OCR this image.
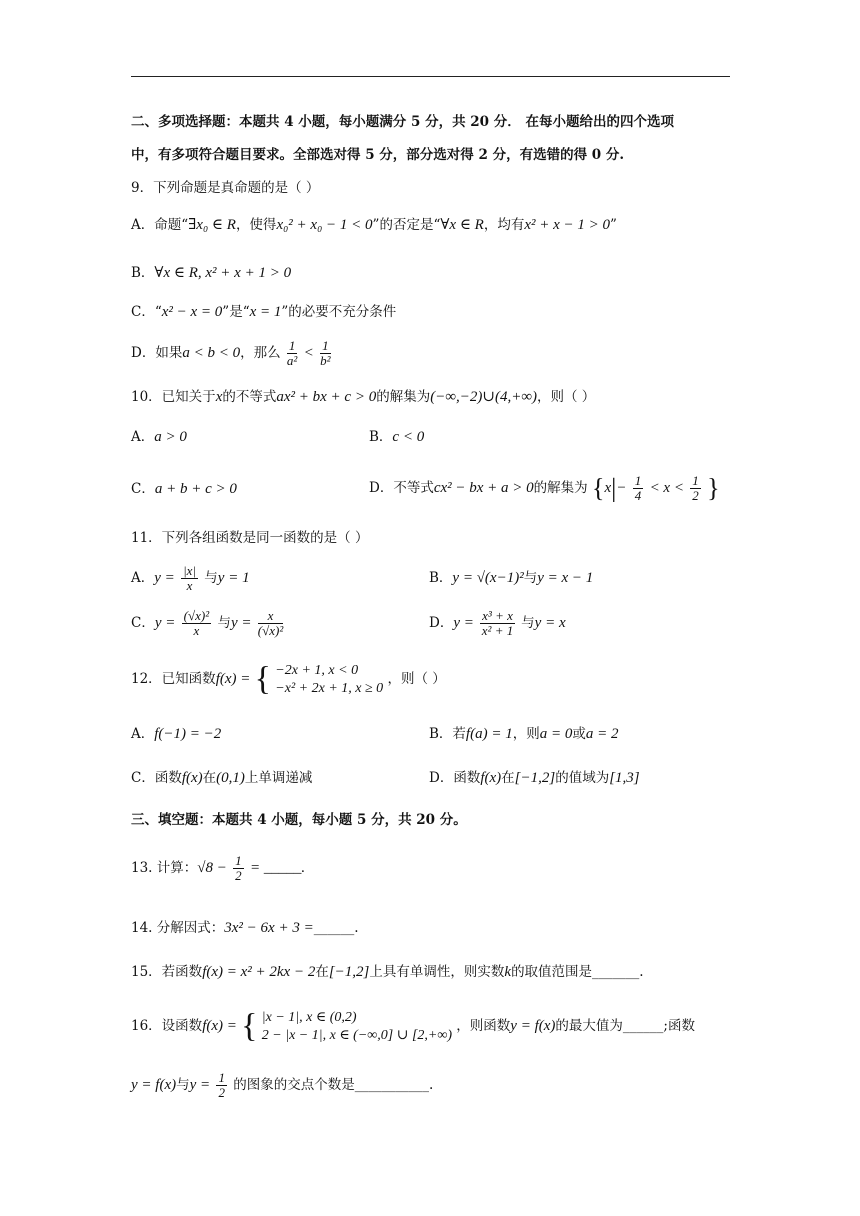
二、多项选择题：本题共 4 小题，每小题满分 5 分，共 20 分． 在每小题给出的四个选项
中，有多项符合题目要求。全部选对得 5 分，部分选对得 2 分，有选错的得 0 分.
9．下列命题是真命题的是（ ）
A．命题“∃x₀ ∈ R，使得x₀² + x₀ − 1 < 0”的否定是“∀x ∈ R，均有x² + x − 1 > 0”
B．∀x ∈ R, x² + x + 1 > 0
C．“x² − x = 0”是“x = 1”的必要不充分条件
D．如果a < b < 0，那么 $\frac{1}{\text{a²}} < \frac{1}{\text{b²}}$
10．已知关于x的不等式ax² + bx + c > 0的解集为(−∞,−2)∪(4,+∞)，则（ ）
A．a > 0	B．c < 0
C．a + b + c > 0	D．不等式cx² − bx + a > 0的解集为 {$x|- \frac{1}{4} < x < \frac{1}{2}$ }
11．下列各组函数是同一函数的是（ ）
A．$y = \frac{|x|}{x}$ 与y = 1	B．y = √(x−1)²与y = x − 1
C．$y = \frac{\text{(√x)²}}{x}$ 与$y = \frac{x}{\text{(√x)²}}$	D．$y = \frac{\text{x³ + x}}{\text{x² + 1}}$ 与y = x
12．已知函数f(x) = { −2x + 1, x < 0
−x² + 2x + 1, x ≥ 0
，则（ ）
A．f(−1) = −2	B．若f(a) = 1，则a = 0或a = 2
C．函数f(x)在(0,1)上单调递减	D．函数f(x)在[−1,2]的值域为[1,3]
三、填空题：本题共 4 小题，每小题 5 分，共 20 分。
13. 计算：$√8 - \frac{1}{2}$ = _____.
14. 分解因式：3x² − 6x + 3 =______.
15．若函数f(x) = x² + 2kx − 2在[−1,2]上具有单调性，则实数k的取值范围是_______.
16．设函数f(x) = { |x − 1|, x ∈ (0,2)
2 − |x − 1|, x ∈ (−∞,0] ∪ [2,+∞)
，则函数y = f(x)的最大值为______;函数
y = f(x)与$y = \frac{1}{2}$ 的图象的交点个数是___________.
